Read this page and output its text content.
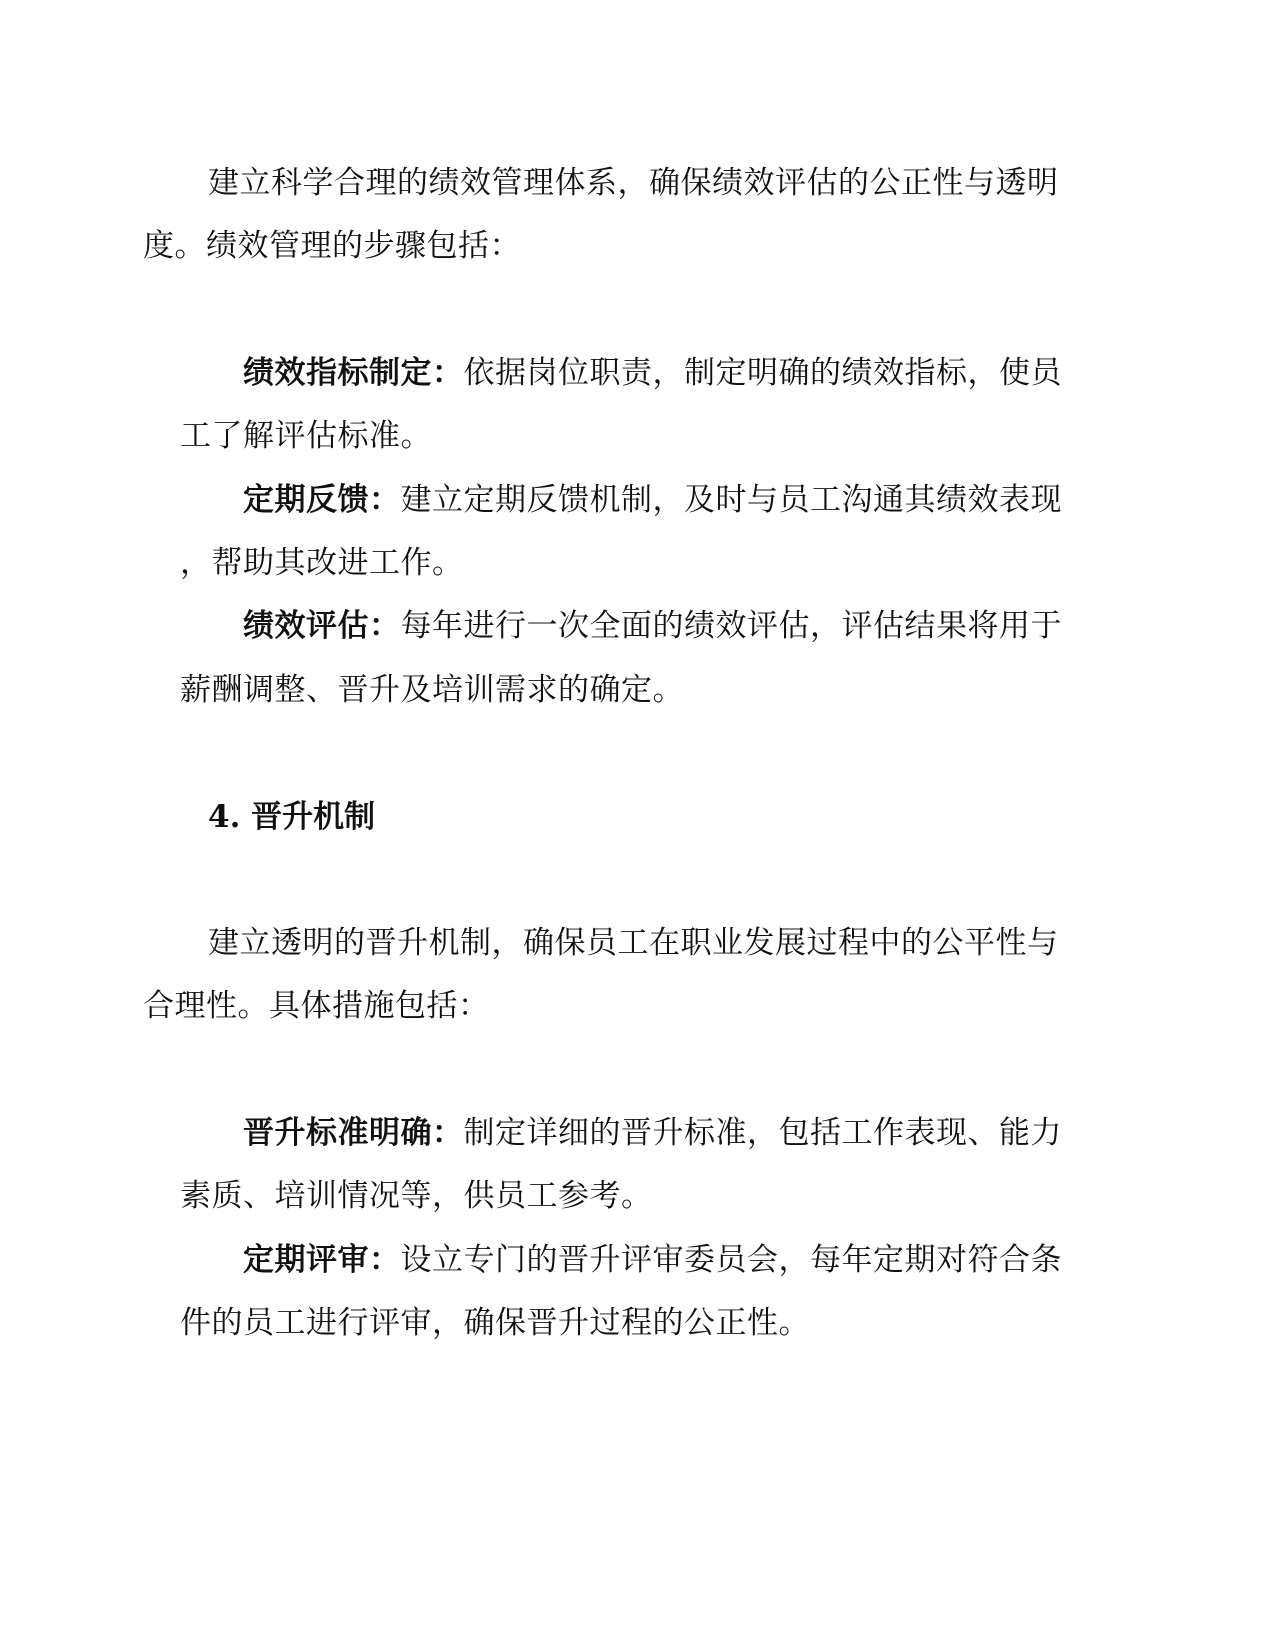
建立科学合理的绩效管理体系，确保绩效评估的公正性与透明
度。绩效管理的步骤包括：
绩效指标制定：依据岗位职责，制定明确的绩效指标，使员
工了解评估标准。
定期反馈：建立定期反馈机制，及时与员工沟通其绩效表现
，帮助其改进工作。
绩效评估：每年进行一次全面的绩效评估，评估结果将用于
薪酬调整、晋升及培训需求的确定。
4. 晋升机制
建立透明的晋升机制，确保员工在职业发展过程中的公平性与
合理性。具体措施包括：
晋升标准明确：制定详细的晋升标准，包括工作表现、能力
素质、培训情况等，供员工参考。
定期评审：设立专门的晋升评审委员会，每年定期对符合条
件的员工进行评审，确保晋升过程的公正性。
